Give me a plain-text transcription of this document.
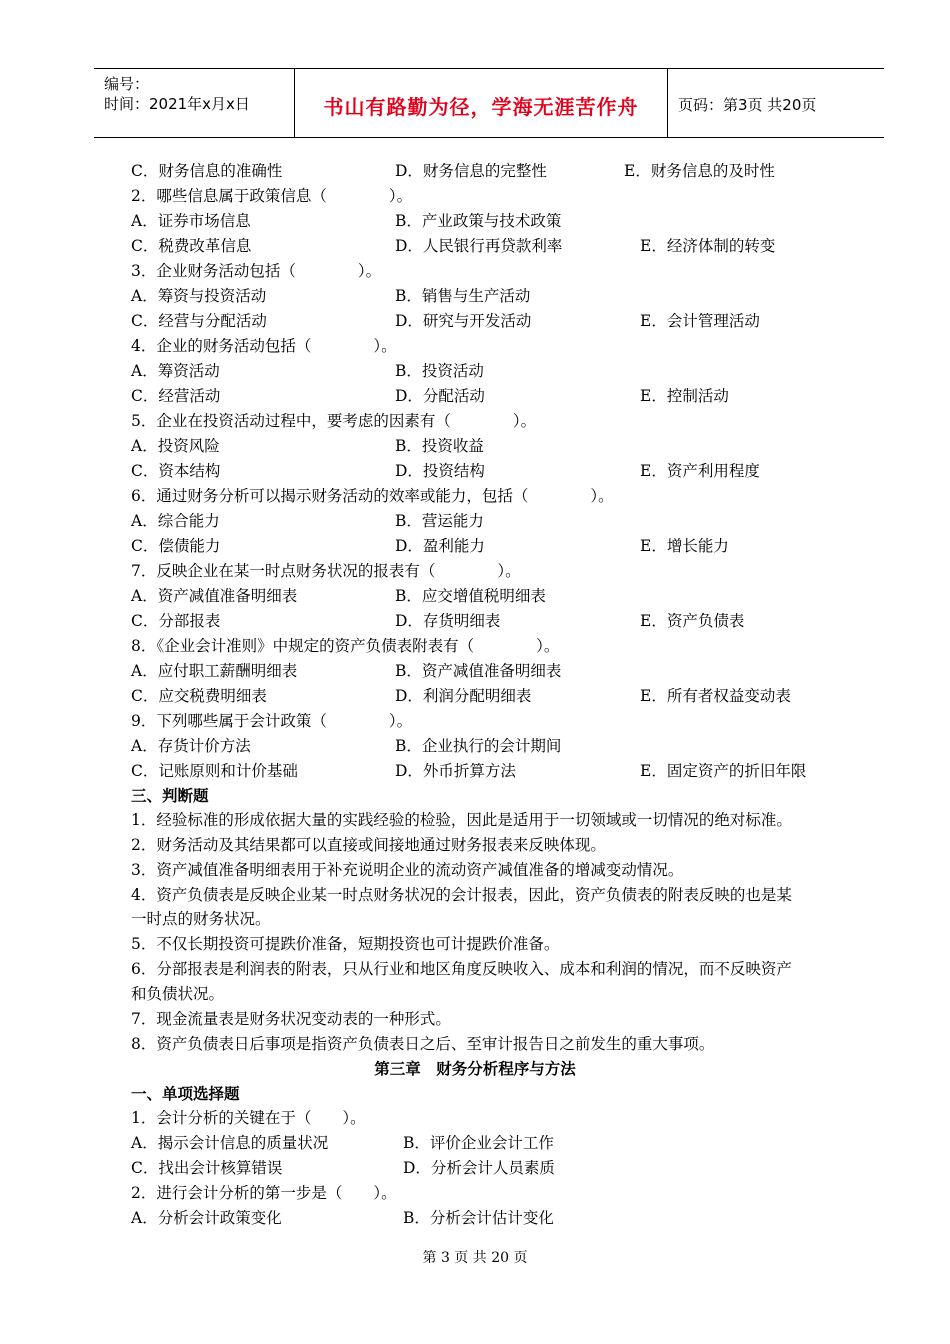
编号：
时间：2021年x月x日	书山有路勤为径，学海无涯苦作舟	页码：第3页 共20页
C．财务信息的准确性	D．财务信息的完整性	E．财务信息的及时性
2．哪些信息属于政策信息（　　　　）。
A．证券市场信息	B．产业政策与技术政策
C．税费改革信息	D．人民银行再贷款利率	E．经济体制的转变
3．企业财务活动包括（　　　　）。
A．筹资与投资活动	B．销售与生产活动
C．经营与分配活动	D．研究与开发活动	E．会计管理活动
4．企业的财务活动包括（　　　　）。
A．筹资活动	B．投资活动
C．经营活动	D．分配活动	E．控制活动
5．企业在投资活动过程中，要考虑的因素有（　　　　）。
A．投资风险	B．投资收益
C．资本结构	D．投资结构	E．资产利用程度
6．通过财务分析可以揭示财务活动的效率或能力，包括（　　　　）。
A．综合能力	B．营运能力
C．偿债能力	D．盈利能力	E．增长能力
7．反映企业在某一时点财务状况的报表有（　　　　）。
A．资产减值准备明细表	B．应交增值税明细表
C．分部报表	D．存货明细表	E．资产负债表
8．《企业会计准则》中规定的资产负债表附表有（　　　　）。
A．应付职工薪酬明细表	B．资产减值准备明细表
C．应交税费明细表	D．利润分配明细表	E．所有者权益变动表
9．下列哪些属于会计政策（　　　　）。
A．存货计价方法	B．企业执行的会计期间
C．记账原则和计价基础	D．外币折算方法	E．固定资产的折旧年限
三、判断题
1．经验标准的形成依据大量的实践经验的检验，因此是适用于一切领域或一切情况的绝对标准。
2．财务活动及其结果都可以直接或间接地通过财务报表来反映体现。
3．资产减值准备明细表用于补充说明企业的流动资产减值准备的增减变动情况。
4．资产负债表是反映企业某一时点财务状况的会计报表，因此，资产负债表的附表反映的也是某
一时点的财务状况。
5．不仅长期投资可提跌价准备，短期投资也可计提跌价准备。
6．分部报表是利润表的附表，只从行业和地区角度反映收入、成本和利润的情况，而不反映资产
和负债状况。
7．现金流量表是财务状况变动表的一种形式。
8．资产负债表日后事项是指资产负债表日之后、至审计报告日之前发生的重大事项。
第三章　财务分析程序与方法
一、单项选择题
1．会计分析的关键在于（　　）。
A．揭示会计信息的质量状况	B．评价企业会计工作
C．找出会计核算错误	D．分析会计人员素质
2．进行会计分析的第一步是（　　）。
A．分析会计政策变化	B．分析会计估计变化
第 3 页 共 20 页
